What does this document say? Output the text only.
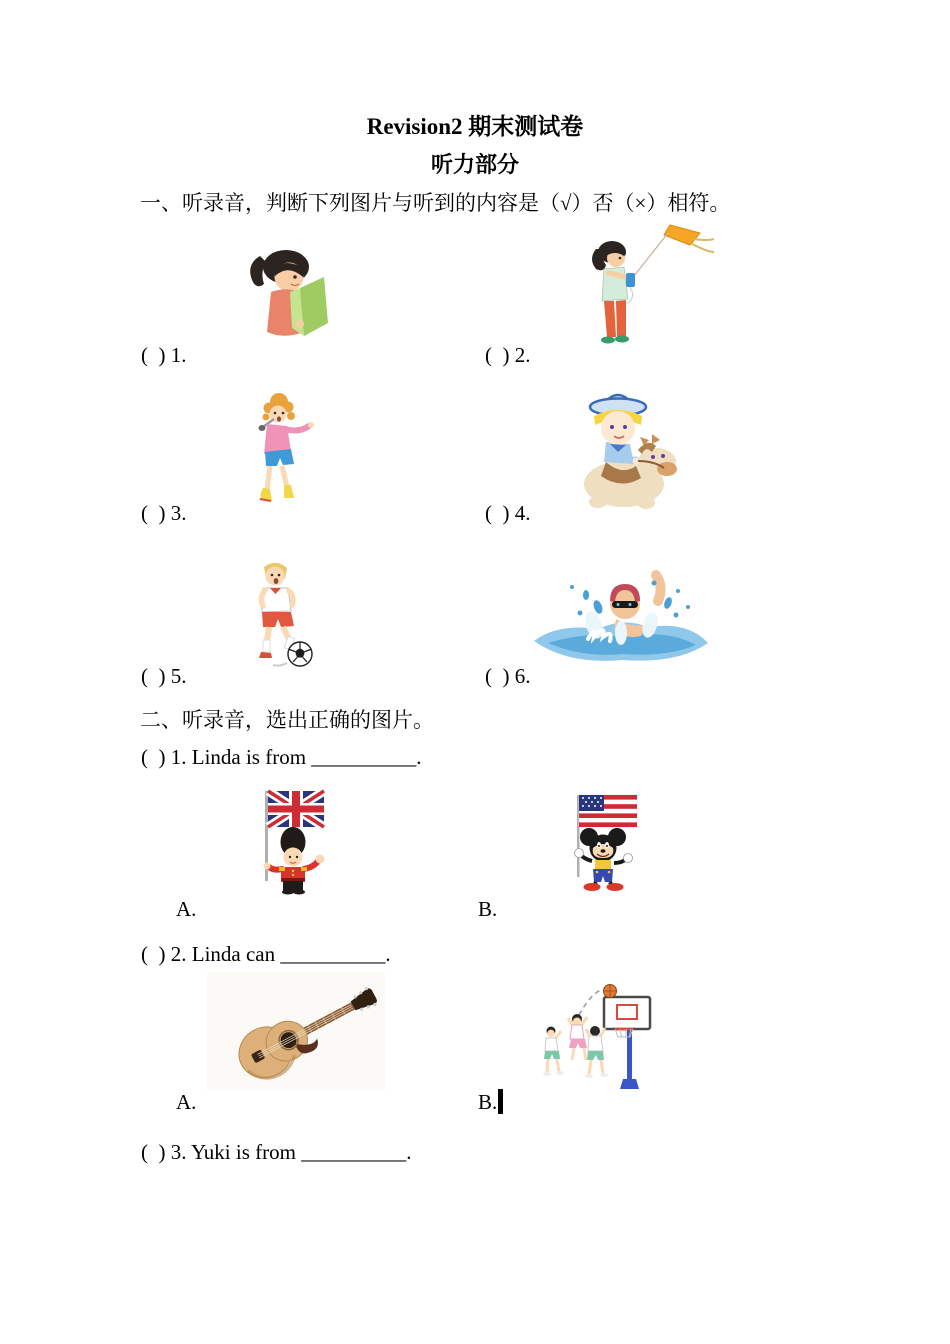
Revision2 期末测试卷
听力部分
一、听录音，判断下列图片与听到的内容是（√）否（×）相符。
(  ) 1.	(  ) 2.
(  ) 3.	(  ) 4.
(  ) 5.	(  ) 6.
二、听录音，选出正确的图片。
(  ) 1. Linda is from __________.
A.	B.
(  ) 2. Linda can __________.
A.	B.
(  ) 3. Yuki is from __________.
